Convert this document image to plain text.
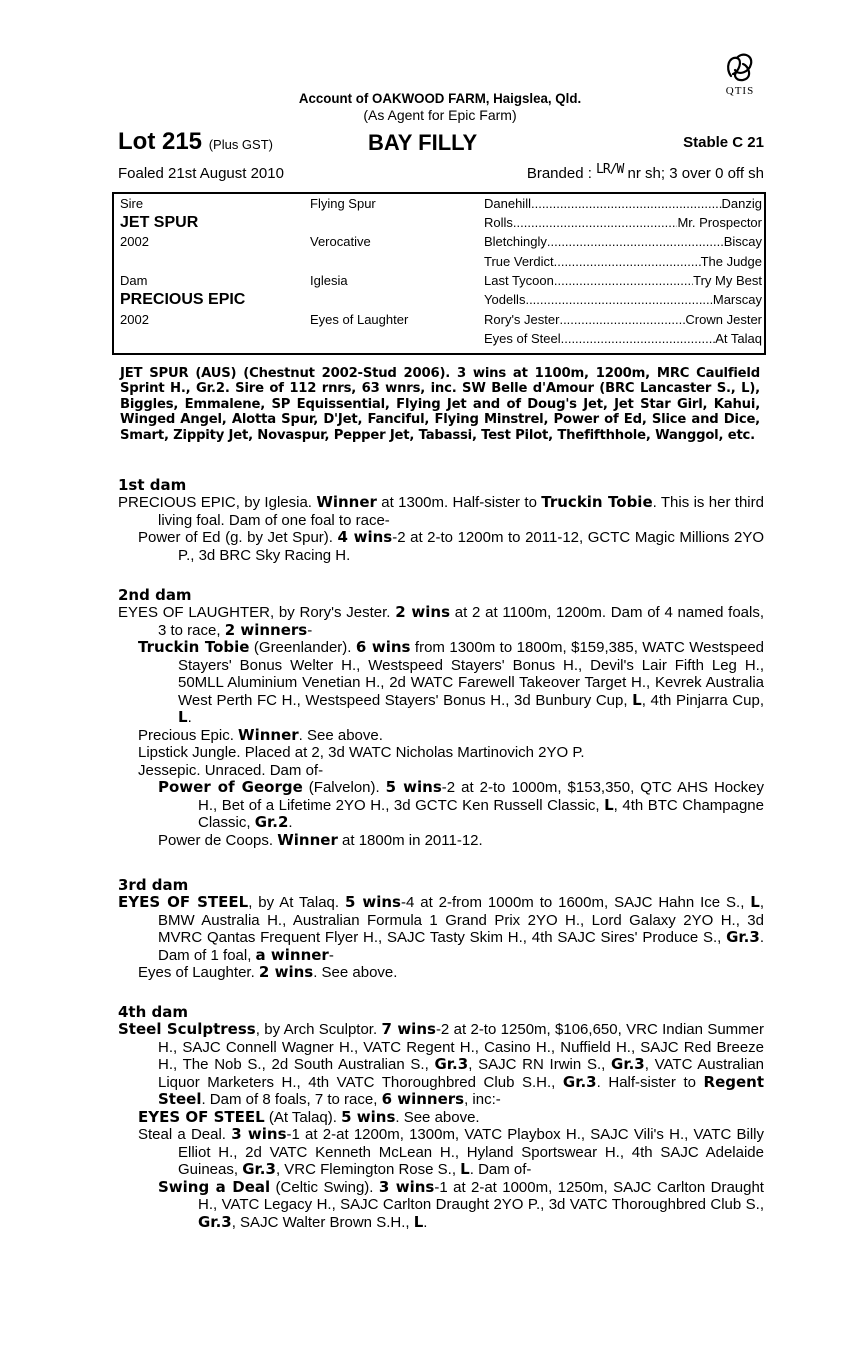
QTIS
Account of OAKWOOD FARM, Haigslea, Qld.
(As Agent for Epic Farm)
Lot 215 (Plus GST)	BAY FILLY	Stable C 21
Foaled 21st August 2010	Branded : LR/W nr sh; 3 over 0 off sh
Sire	Flying Spur	Danehill .....	Danzig
JET SPUR	Rolls .....	Mr. Prospector
2002	Verocative	Bletchingly .....	Biscay
True Verdict .....	The Judge
Dam	Iglesia	Last Tycoon .....	Try My Best
PRECIOUS EPIC	Yodells .....	Marscay
2002	Eyes of Laughter	Rory's Jester .....	Crown Jester
Eyes of Steel .....	At Talaq
JET SPUR (AUS) (Chestnut 2002-Stud 2006). 3 wins at 1100m, 1200m, MRC Caulfield Sprint H., Gr.2. Sire of 112 rnrs, 63 wnrs, inc. SW Belle d'Amour (BRC Lancaster S., L), Biggles, Emmalene, SP Equissential, Flying Jet and of Doug's Jet, Jet Star Girl, Kahui, Winged Angel, Alotta Spur, D'Jet, Fanciful, Flying Minstrel, Power of Ed, Slice and Dice, Smart, Zippity Jet, Novaspur, Pepper Jet, Tabassi, Test Pilot, Thefifthhole, Wanggol, etc.
1st dam
PRECIOUS EPIC, by Iglesia. Winner at 1300m. Half-sister to Truckin Tobie. This is her third living foal. Dam of one foal to race-
Power of Ed (g. by Jet Spur). 4 wins-2 at 2-to 1200m to 2011-12, GCTC Magic Millions 2YO P., 3d BRC Sky Racing H.
2nd dam
EYES OF LAUGHTER, by Rory's Jester. 2 wins at 2 at 1100m, 1200m. Dam of 4 named foals, 3 to race, 2 winners-
Truckin Tobie (Greenlander). 6 wins from 1300m to 1800m, $159,385, WATC Westspeed Stayers' Bonus Welter H., Westspeed Stayers' Bonus H., Devil's Lair Fifth Leg H., 50MLL Aluminium Venetian H., 2d WATC Farewell Takeover Target H., Kevrek Australia West Perth FC H., Westspeed Stayers' Bonus H., 3d Bunbury Cup, L, 4th Pinjarra Cup, L.
Precious Epic. Winner. See above.
Lipstick Jungle. Placed at 2, 3d WATC Nicholas Martinovich 2YO P.
Jessepic. Unraced. Dam of-
Power of George (Falvelon). 5 wins-2 at 2-to 1000m, $153,350, QTC AHS Hockey H., Bet of a Lifetime 2YO H., 3d GCTC Ken Russell Classic, L, 4th BTC Champagne Classic, Gr.2.
Power de Coops. Winner at 1800m in 2011-12.
3rd dam
EYES OF STEEL, by At Talaq. 5 wins-4 at 2-from 1000m to 1600m, SAJC Hahn Ice S., L, BMW Australia H., Australian Formula 1 Grand Prix 2YO H., Lord Galaxy 2YO H., 3d MVRC Qantas Frequent Flyer H., SAJC Tasty Skim H., 4th SAJC Sires' Produce S., Gr.3. Dam of 1 foal, a winner-
Eyes of Laughter. 2 wins. See above.
4th dam
Steel Sculptress, by Arch Sculptor. 7 wins-2 at 2-to 1250m, $106,650, VRC Indian Summer H., SAJC Connell Wagner H., VATC Regent H., Casino H., Nuffield H., SAJC Red Breeze H., The Nob S., 2d South Australian S., Gr.3, SAJC RN Irwin S., Gr.3, VATC Australian Liquor Marketers H., 4th VATC Thoroughbred Club S.H., Gr.3. Half-sister to Regent Steel. Dam of 8 foals, 7 to race, 6 winners, inc:-
EYES OF STEEL (At Talaq). 5 wins. See above.
Steal a Deal. 3 wins-1 at 2-at 1200m, 1300m, VATC Playbox H., SAJC Vili's H., VATC Billy Elliot H., 2d VATC Kenneth McLean H., Hyland Sportswear H., 4th SAJC Adelaide Guineas, Gr.3, VRC Flemington Rose S., L. Dam of-
Swing a Deal (Celtic Swing). 3 wins-1 at 2-at 1000m, 1250m, SAJC Carlton Draught H., VATC Legacy H., SAJC Carlton Draught 2YO P., 3d VATC Thoroughbred Club S., Gr.3, SAJC Walter Brown S.H., L.
